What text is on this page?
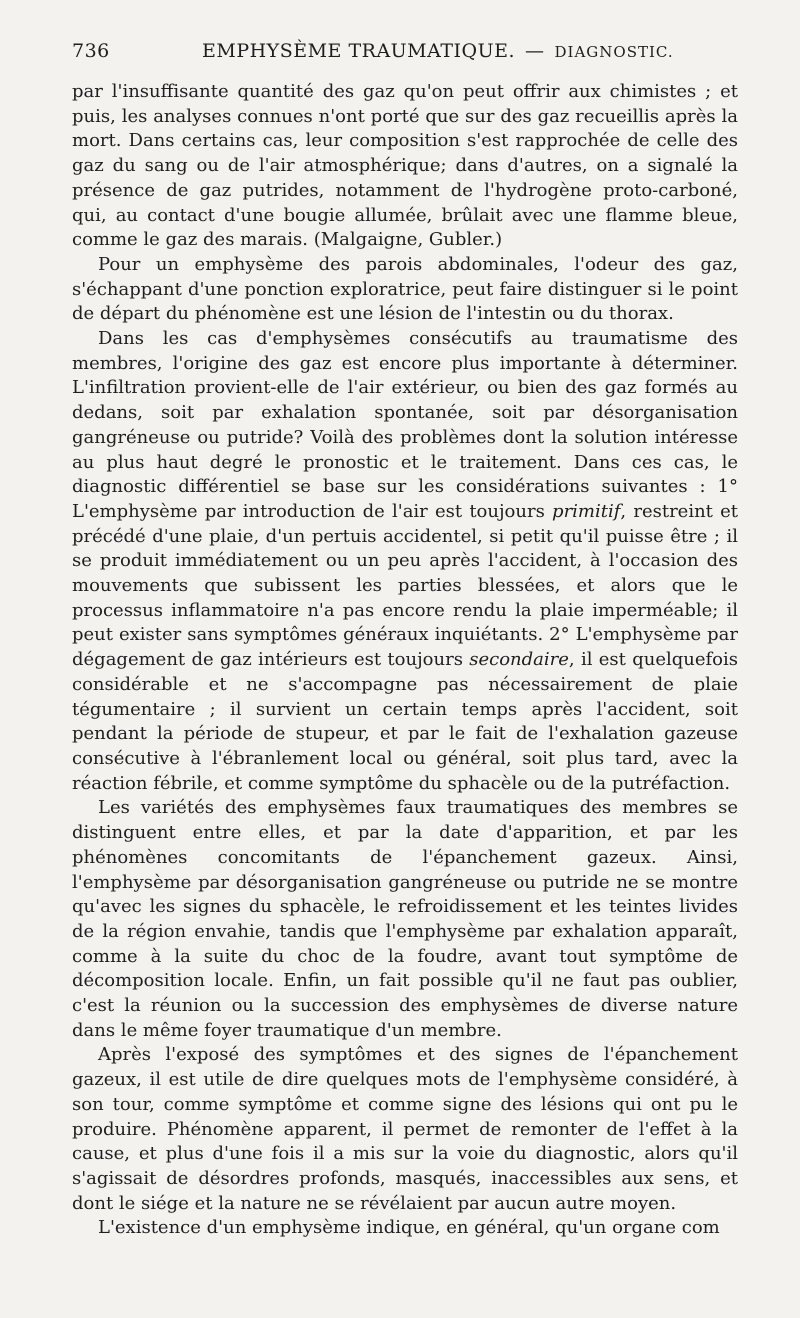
736	EMPHYSÈME TRAUMATIQUE. — DIAGNOSTIC.

par l'insuffisante quantité des gaz qu'on peut offrir aux chimistes ; et puis, les analyses connues n'ont porté que sur des gaz recueillis après la mort. Dans certains cas, leur composition s'est rapprochée de celle des gaz du sang ou de l'air atmosphérique; dans d'autres, on a signalé la présence de gaz putrides, notamment de l'hydrogène proto-carboné, qui, au contact d'une bougie allumée, brûlait avec une flamme bleue, comme le gaz des marais. (Malgaigne, Gubler.)

Pour un emphysème des parois abdominales, l'odeur des gaz, s'échappant d'une ponction exploratrice, peut faire distinguer si le point de départ du phénomène est une lésion de l'intestin ou du thorax.

Dans les cas d'emphysèmes consécutifs au traumatisme des membres, l'origine des gaz est encore plus importante à déterminer. L'infiltration provient-elle de l'air extérieur, ou bien des gaz formés au dedans, soit par exhalation spontanée, soit par désorganisation gangréneuse ou putride? Voilà des problèmes dont la solution intéresse au plus haut degré le pronostic et le traitement. Dans ces cas, le diagnostic différentiel se base sur les considérations suivantes : 1° L'emphysème par introduction de l'air est toujours primitif, restreint et précédé d'une plaie, d'un pertuis accidentel, si petit qu'il puisse être ; il se produit immédiatement ou un peu après l'accident, à l'occasion des mouvements que subissent les parties blessées, et alors que le processus inflammatoire n'a pas encore rendu la plaie imperméable; il peut exister sans symptômes généraux inquiétants. 2° L'emphysème par dégagement de gaz intérieurs est toujours secondaire, il est quelquefois considérable et ne s'accompagne pas nécessairement de plaie tégumentaire ; il survient un certain temps après l'accident, soit pendant la période de stupeur, et par le fait de l'exhalation gazeuse consécutive à l'ébranlement local ou général, soit plus tard, avec la réaction fébrile, et comme symptôme du sphacèle ou de la putréfaction.

Les variétés des emphysèmes faux traumatiques des membres se distinguent entre elles, et par la date d'apparition, et par les phénomènes concomitants de l'épanchement gazeux. Ainsi, l'emphysème par désorganisation gangréneuse ou putride ne se montre qu'avec les signes du sphacèle, le refroidissement et les teintes livides de la région envahie, tandis que l'emphysème par exhalation apparaît, comme à la suite du choc de la foudre, avant tout symptôme de décomposition locale. Enfin, un fait possible qu'il ne faut pas oublier, c'est la réunion ou la succession des emphysèmes de diverse nature dans le même foyer traumatique d'un membre.

Après l'exposé des symptômes et des signes de l'épanchement gazeux, il est utile de dire quelques mots de l'emphysème considéré, à son tour, comme symptôme et comme signe des lésions qui ont pu le produire. Phénomène apparent, il permet de remonter de l'effet à la cause, et plus d'une fois il a mis sur la voie du diagnostic, alors qu'il s'agissait de désordres profonds, masqués, inaccessibles aux sens, et dont le siége et la nature ne se révélaient par aucun autre moyen.

L'existence d'un emphysème indique, en général, qu'un organe com
